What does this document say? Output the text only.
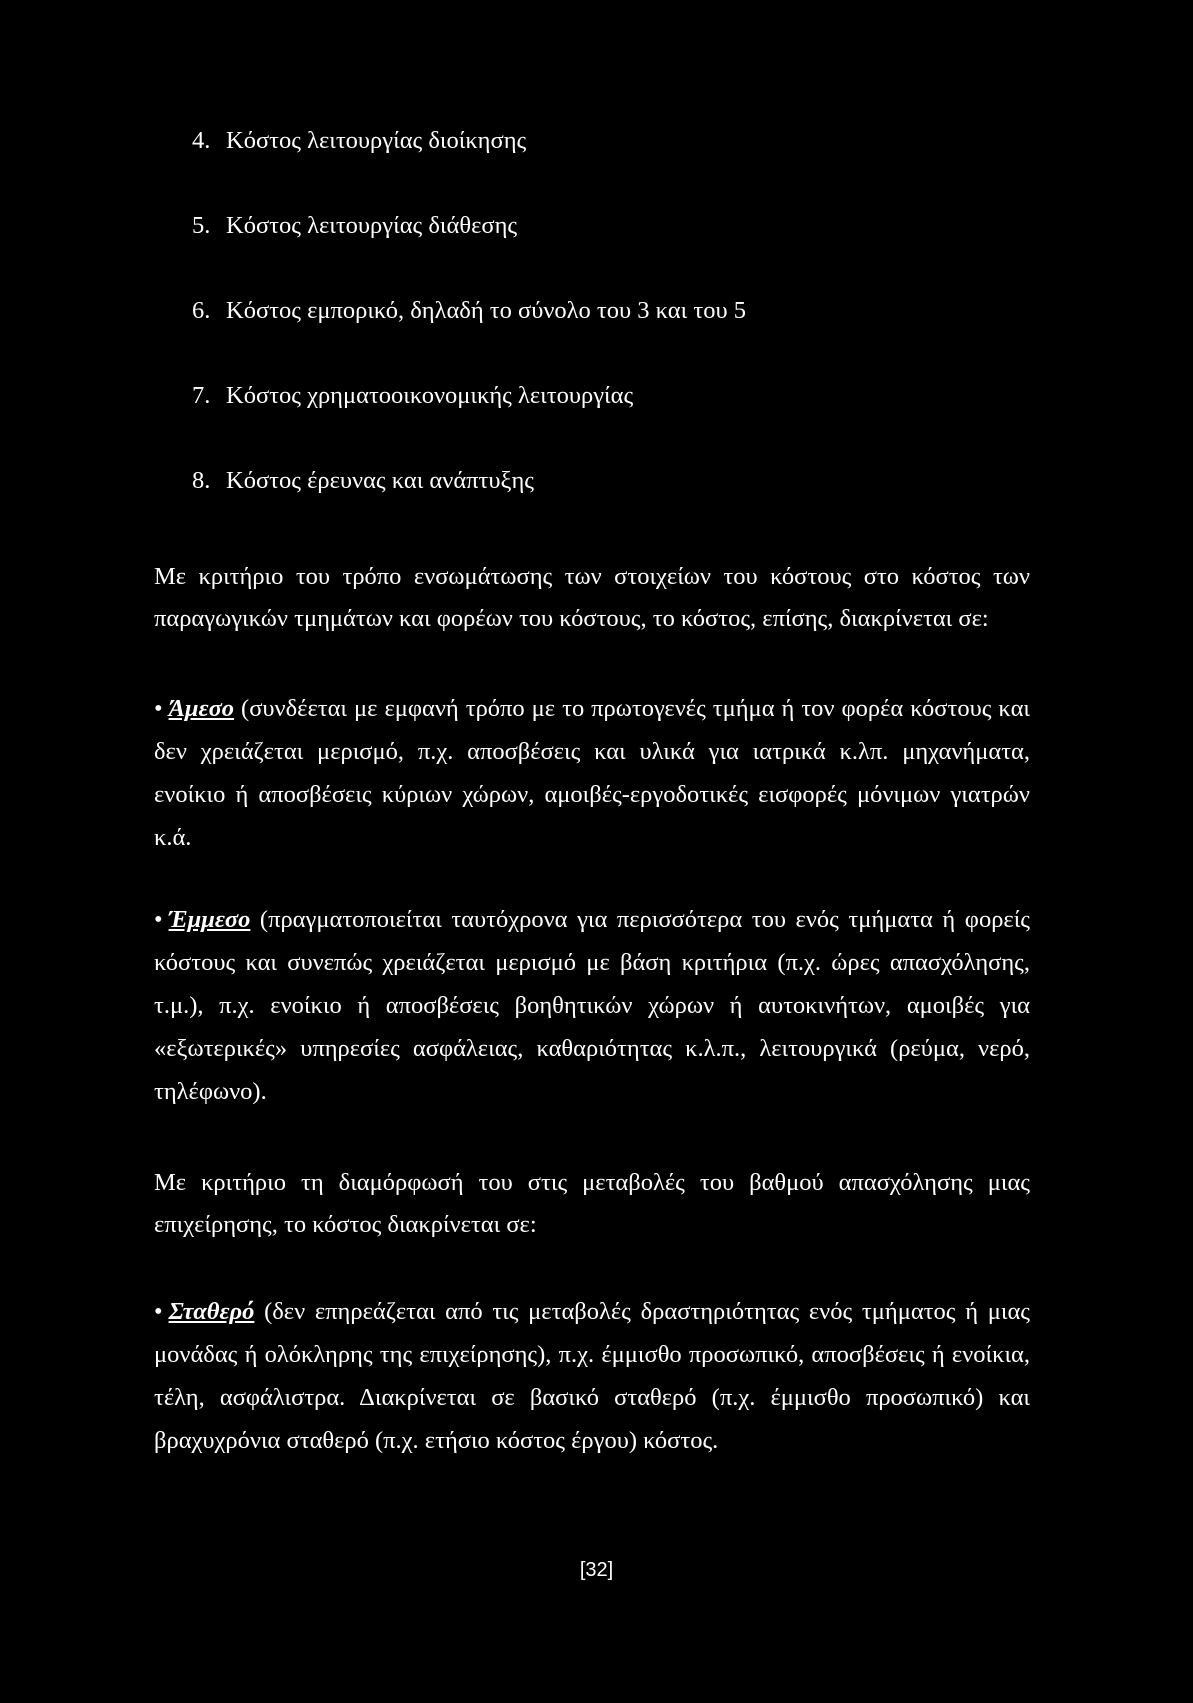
4. Κόστος λειτουργίας διοίκησης
5. Κόστος λειτουργίας διάθεσης
6. Κόστος εμπορικό, δηλαδή το σύνολο του 3 και του 5
7. Κόστος χρηματοοικονομικής λειτουργίας
8. Κόστος έρευνας και ανάπτυξης

Με κριτήριο του τρόπο ενσωμάτωσης των στοιχείων του κόστους στο κόστος των παραγωγικών τμημάτων και φορέων του κόστους, το κόστος, επίσης, διακρίνεται σε:

• Άμεσο (συνδέεται με εμφανή τρόπο με το πρωτογενές τμήμα ή τον φορέα κόστους και δεν χρειάζεται μερισμό, π.χ. αποσβέσεις και υλικά για ιατρικά κ.λπ. μηχανήματα, ενοίκιο ή αποσβέσεις κύριων χώρων, αμοιβές-εργοδοτικές εισφορές μόνιμων γιατρών κ.ά.

• Έμμεσο (πραγματοποιείται ταυτόχρονα για περισσότερα του ενός τμήματα ή φορείς κόστους και συνεπώς χρειάζεται μερισμό με βάση κριτήρια (π.χ. ώρες απασχόλησης, τ.μ.), π.χ. ενοίκιο ή αποσβέσεις βοηθητικών χώρων ή αυτοκινήτων, αμοιβές για «εξωτερικές» υπηρεσίες ασφάλειας, καθαριότητας κ.λ.π., λειτουργικά (ρεύμα, νερό, τηλέφωνο).

Με κριτήριο τη διαμόρφωσή του στις μεταβολές του βαθμού απασχόλησης μιας επιχείρησης, το κόστος διακρίνεται σε:

• Σταθερό (δεν επηρεάζεται από τις μεταβολές δραστηριότητας ενός τμήματος ή μιας μονάδας ή ολόκληρης της επιχείρησης), π.χ. έμμισθο προσωπικό, αποσβέσεις ή ενοίκια, τέλη, ασφάλιστρα. Διακρίνεται σε βασικό σταθερό (π.χ. έμμισθο προσωπικό) και βραχυχρόνια σταθερό (π.χ. ετήσιο κόστος έργου) κόστος.

[32]
